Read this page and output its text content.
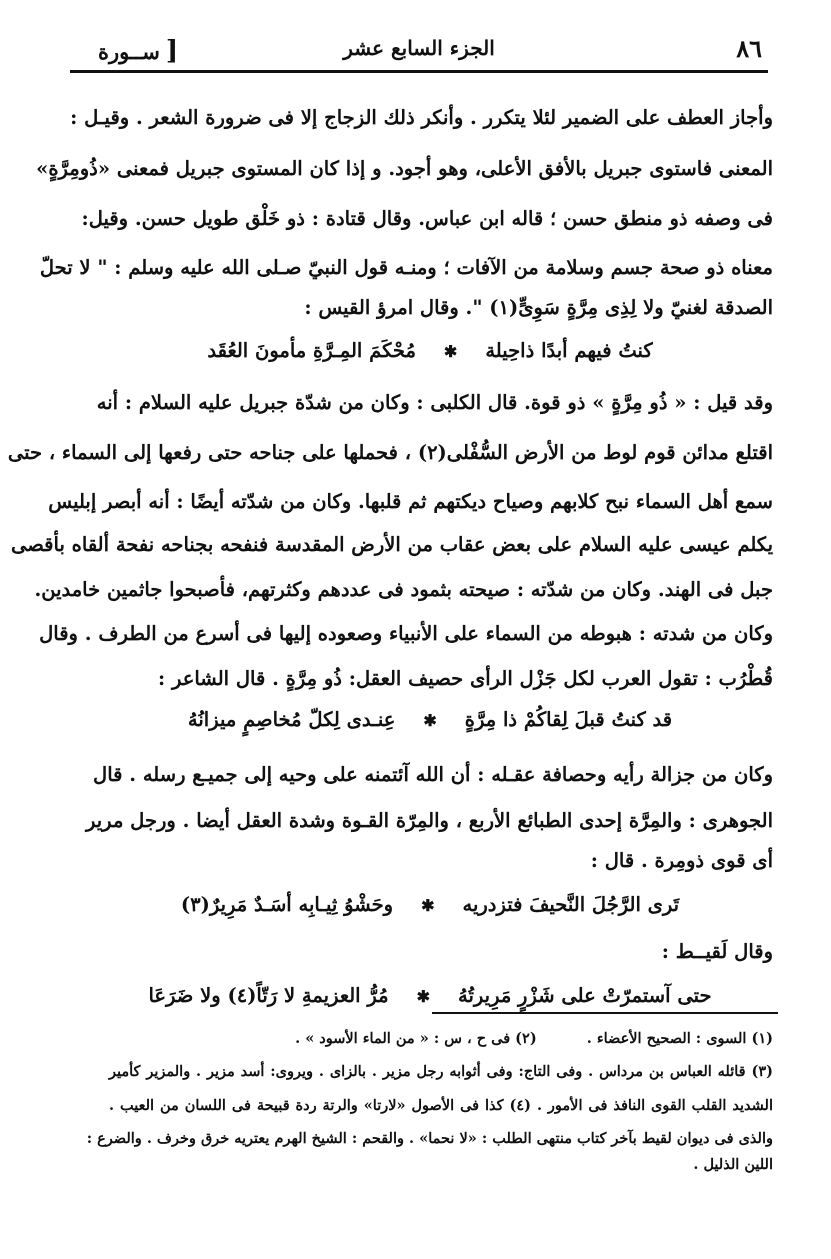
٨٦
الجزء السابع عشر
[ســورة
وأجاز العطف على الضمير لئلا يتكرر . وأنكر ذلك الزجاج إلا فى ضرورة الشعر . وقيـل :
المعنى فاستوى جبريل بالأفق الأعلى، وهو أجود. و إذا كان المستوى جبريل فمعنى «ذُومِرَّةٍ»
فى وصفه ذو منطق حسن ؛ قاله ابن عباس. وقال قتادة : ذو خَلْق طويل حسن. وقيل:
معناه ذو صحة جسم وسلامة من الآفات ؛ ومنـه قول النبيّ صـلى الله عليه وسلم : " لا تحلّ
الصدقة لغنيّ ولا لِذِى مِرَّةٍ سَوِىٍّ(١) ". وقال امرؤ القيس :
كنتُ فيهم أبدًا ذاحِيلة
✱
مُحْكَمَ المِـرَّةِ مأمونَ العُقَد
وقد قيل : « ذُو مِرَّةٍ » ذو قوة. قال الكلبى : وكان من شدّة جبريل عليه السلام : أنه
اقتلع مدائن قوم لوط من الأرض السُّفْلى(٢) ، فحملها على جناحه حتى رفعها إلى السماء ، حتى
سمع أهل السماء نبح كلابهم وصياح ديكتهم ثم قلبها. وكان من شدّته أيضًا : أنه أبصر إبليس
يكلم عيسى عليه السلام على بعض عقاب من الأرض المقدسة فنفحه بجناحه نفحة ألقاه بأقصى
جبل فى الهند. وكان من شدّته : صيحته بثمود فى عددهم وكثرتهم، فأصبحوا جاثمين خامدين.
وكان من شدته : هبوطه من السماء على الأنبياء وصعوده إليها فى أسرع من الطرف . وقال
قُطْرُب : تقول العرب لكل جَزْل الرأى حصيف العقل: ذُو مِرَّةٍ . قال الشاعر :
قد كنتُ قبلَ لِقاكُمْ ذا مِرَّةٍ
✱
عِنـدى لِكلّ مُخاصِمٍ ميزانُهُ
وكان من جزالة رأيه وحصافة عقـله : أن الله آئتمنه على وحيه إلى جميـع رسله . قال
الجوهرى : والمِرَّة إحدى الطبائع الأربع ، والمِرّة القـوة وشدة العقل أيضا . ورجل مرير
أى قوى ذومِرة . قال :
تَرى الرَّجُلَ النَّحيفَ فتزدريه
✱
وحَشْوُ ثِيـابِه أسَـدٌ مَرِيرٌ(٣)
وقال لَقيــط :
حتى آستمرّتْ على شَزْرٍ مَرِيرتُهُ
✱
مُرُّ العزيمةِ لا رَتّاً(٤) ولا ضَرَعَا
(١) السوى : الصحيح الأعضاء .
(٢) فى ح ، س : « من الماء الأسود » .
(٣) قائله العباس بن مرداس . وفى التاج: وفى أثوابه رجل مزير . بالزاى . ويروى: أسد مزير . والمزير كأمير
الشديد القلب القوى النافذ فى الأمور . (٤) كذا فى الأصول «لارتا» والرتة ردة قبيحة فى اللسان من العيب .
والذى فى ديوان لقيط بآخر كتاب منتهى الطلب : «لا نحما» . والقحم : الشيخ الهرم يعتريه خرق وخرف . والضرع :
اللين الذليل .
